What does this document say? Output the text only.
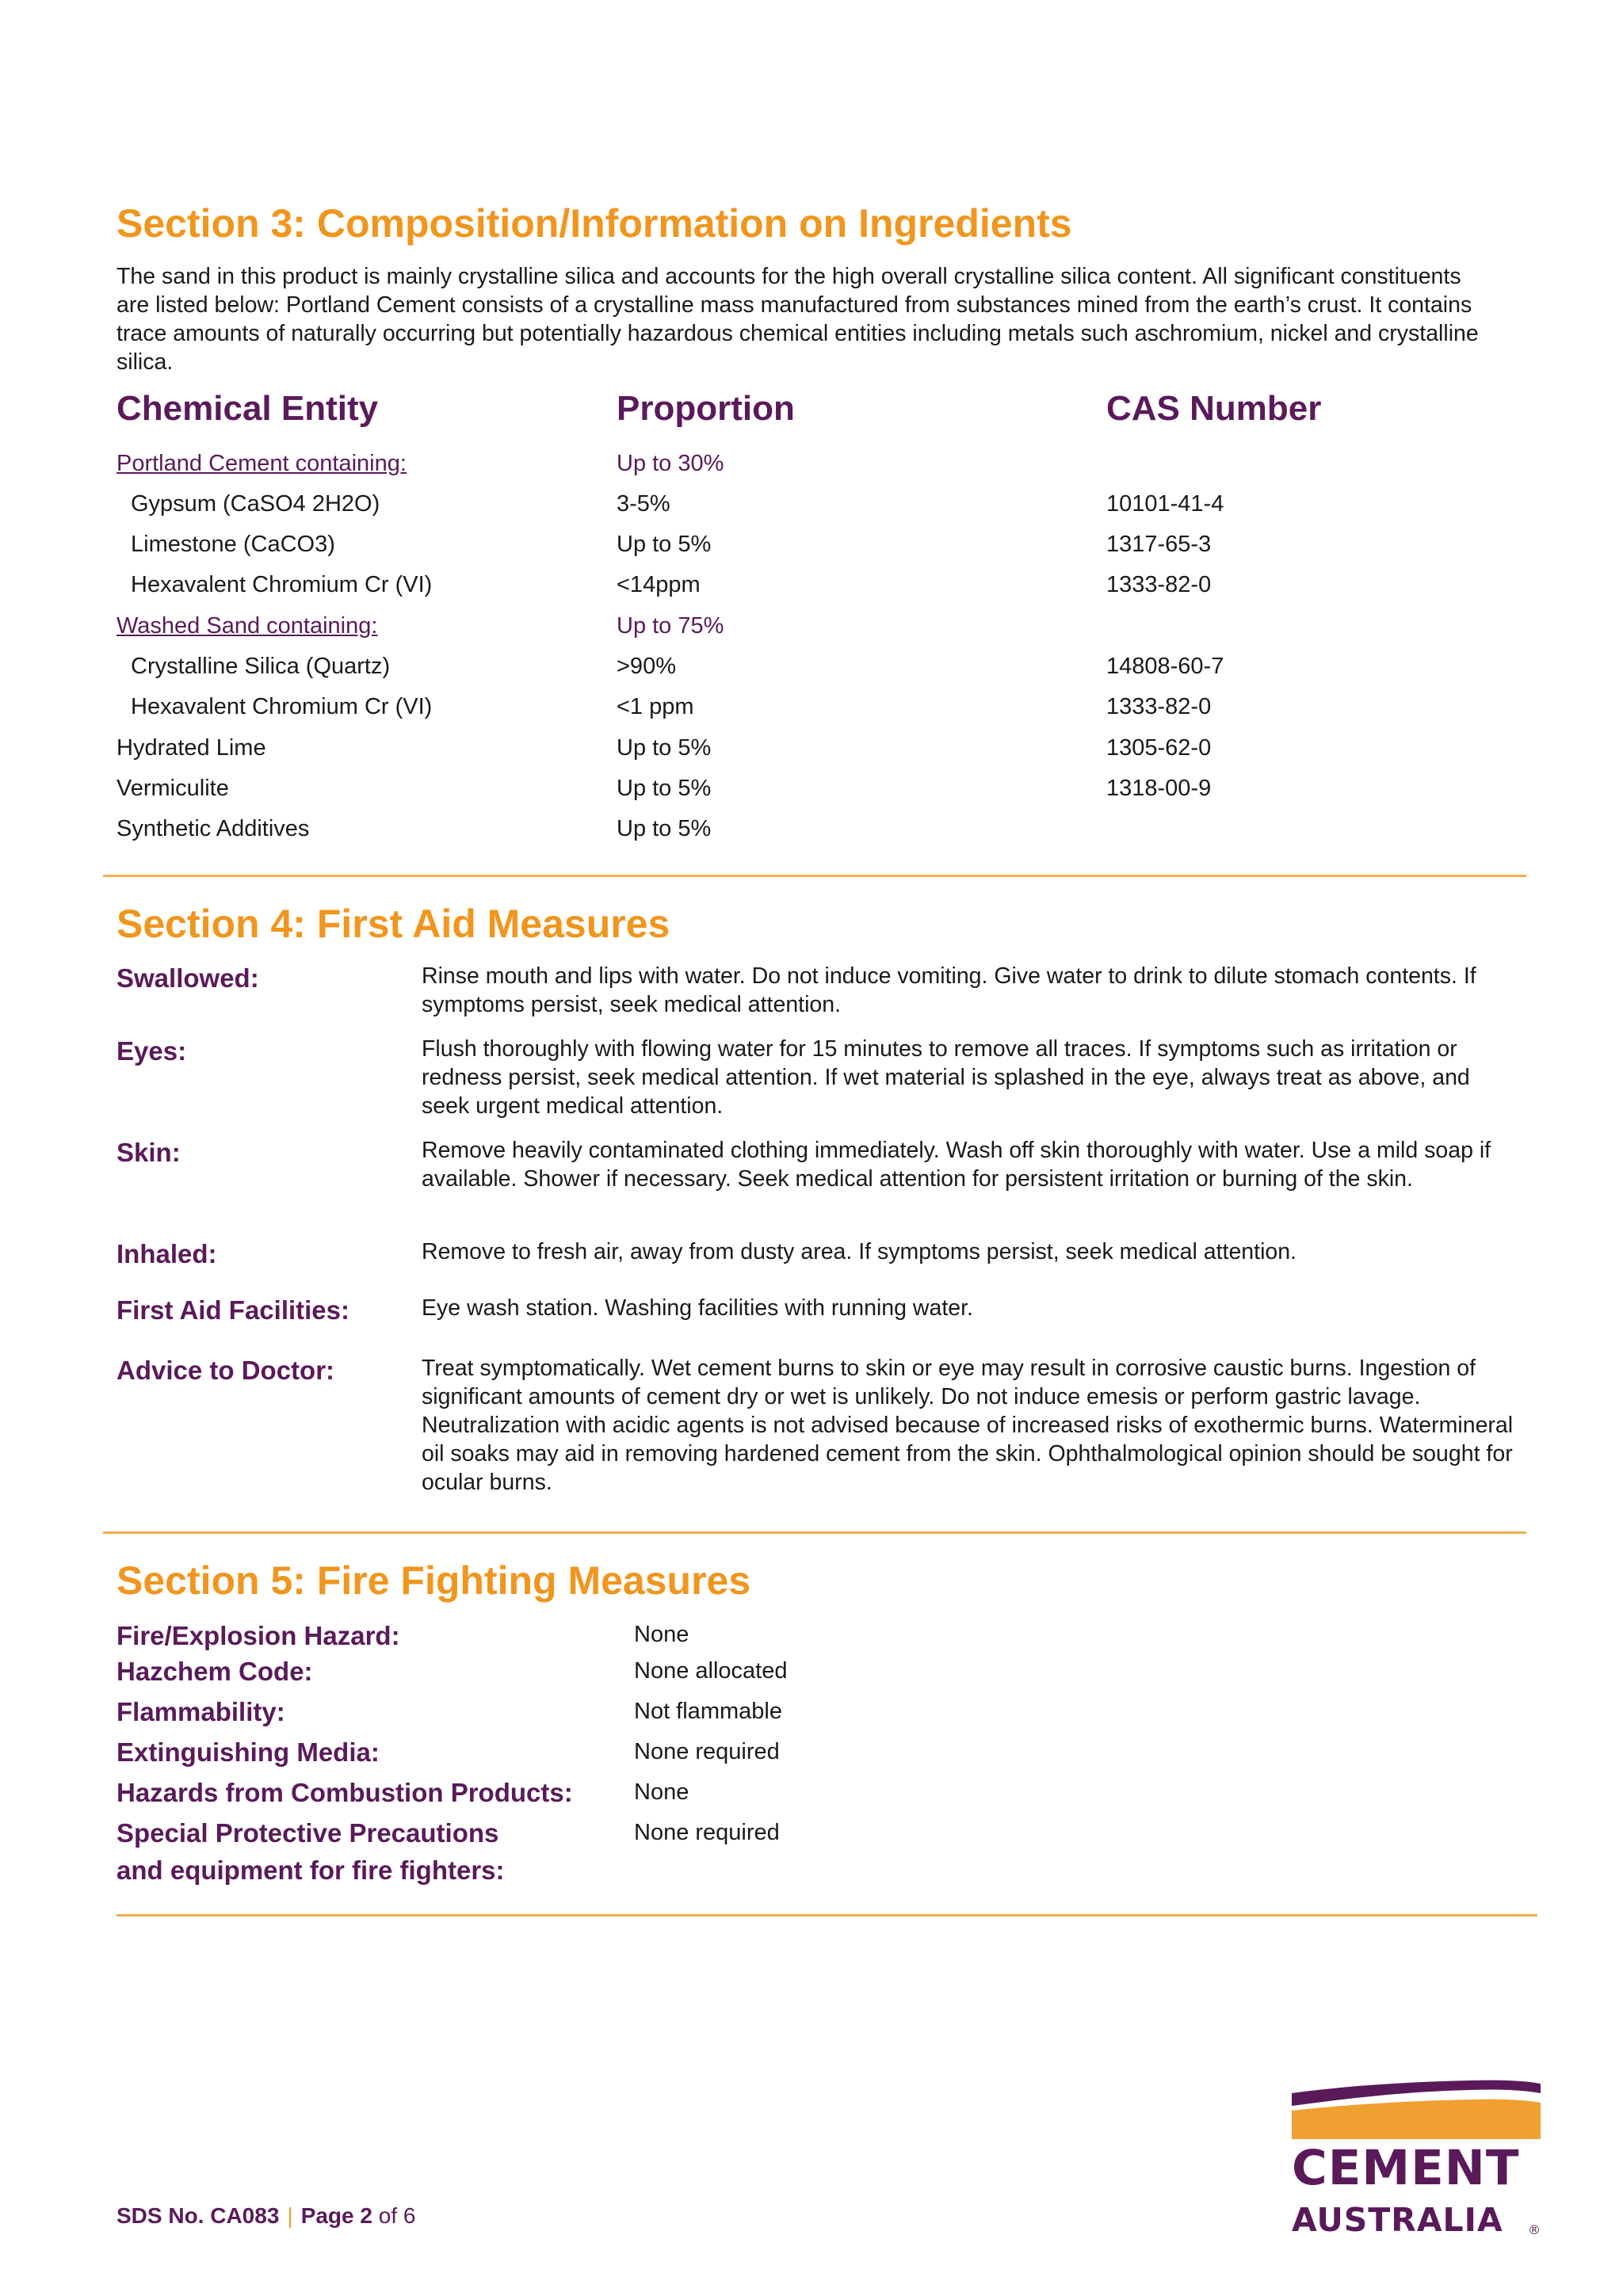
Section 3: Composition/Information on Ingredients
The sand in this product is mainly crystalline silica and accounts for the high overall crystalline silica content. All significant constituents are listed below: Portland Cement consists of a crystalline mass manufactured from substances mined from the earth’s crust. It contains trace amounts of naturally occurring but potentially hazardous chemical entities including metals such aschromium, nickel and crystalline silica.
Chemical Entity	Proportion	CAS Number
Portland Cement containing:	Up to 30%
Gypsum (CaSO4 2H2O)	3-5%	10101-41-4
Limestone (CaCO3)	Up to 5%	1317-65-3
Hexavalent Chromium Cr (VI)	<14ppm	1333-82-0
Washed Sand containing:	Up to 75%
Crystalline Silica (Quartz)	>90%	14808-60-7
Hexavalent Chromium Cr (VI)	<1 ppm	1333-82-0
Hydrated Lime	Up to 5%	1305-62-0
Vermiculite	Up to 5%	1318-00-9
Synthetic Additives	Up to 5%
Section 4: First Aid Measures
Swallowed:	Rinse mouth and lips with water. Do not induce vomiting. Give water to drink to dilute stomach contents. If symptoms persist, seek medical attention.
Eyes:	Flush thoroughly with flowing water for 15 minutes to remove all traces. If symptoms such as irritation or redness persist, seek medical attention. If wet material is splashed in the eye, always treat as above, and seek urgent medical attention.
Skin:	Remove heavily contaminated clothing immediately. Wash off skin thoroughly with water. Use a mild soap if available. Shower if necessary. Seek medical attention for persistent irritation or burning of the skin.
Inhaled:	Remove to fresh air, away from dusty area. If symptoms persist, seek medical attention.
First Aid Facilities:	Eye wash station. Washing facilities with running water.
Advice to Doctor:	Treat symptomatically. Wet cement burns to skin or eye may result in corrosive caustic burns. Ingestion of significant amounts of cement dry or wet is unlikely. Do not induce emesis or perform gastric lavage. Neutralization with acidic agents is not advised because of increased risks of exothermic burns. Watermineral oil soaks may aid in removing hardened cement from the skin. Ophthalmological opinion should be sought for ocular burns.
Section 5: Fire Fighting Measures
Fire/Explosion Hazard:	None
Hazchem Code:	None allocated
Flammability:	Not flammable
Extinguishing Media:	None required
Hazards from Combustion Products:	None
Special Protective Precautions
and equipment for fire fighters:
None required
SDS No. CA083 | Page 2 of 6
CEMENT
AUSTRALIA ®
